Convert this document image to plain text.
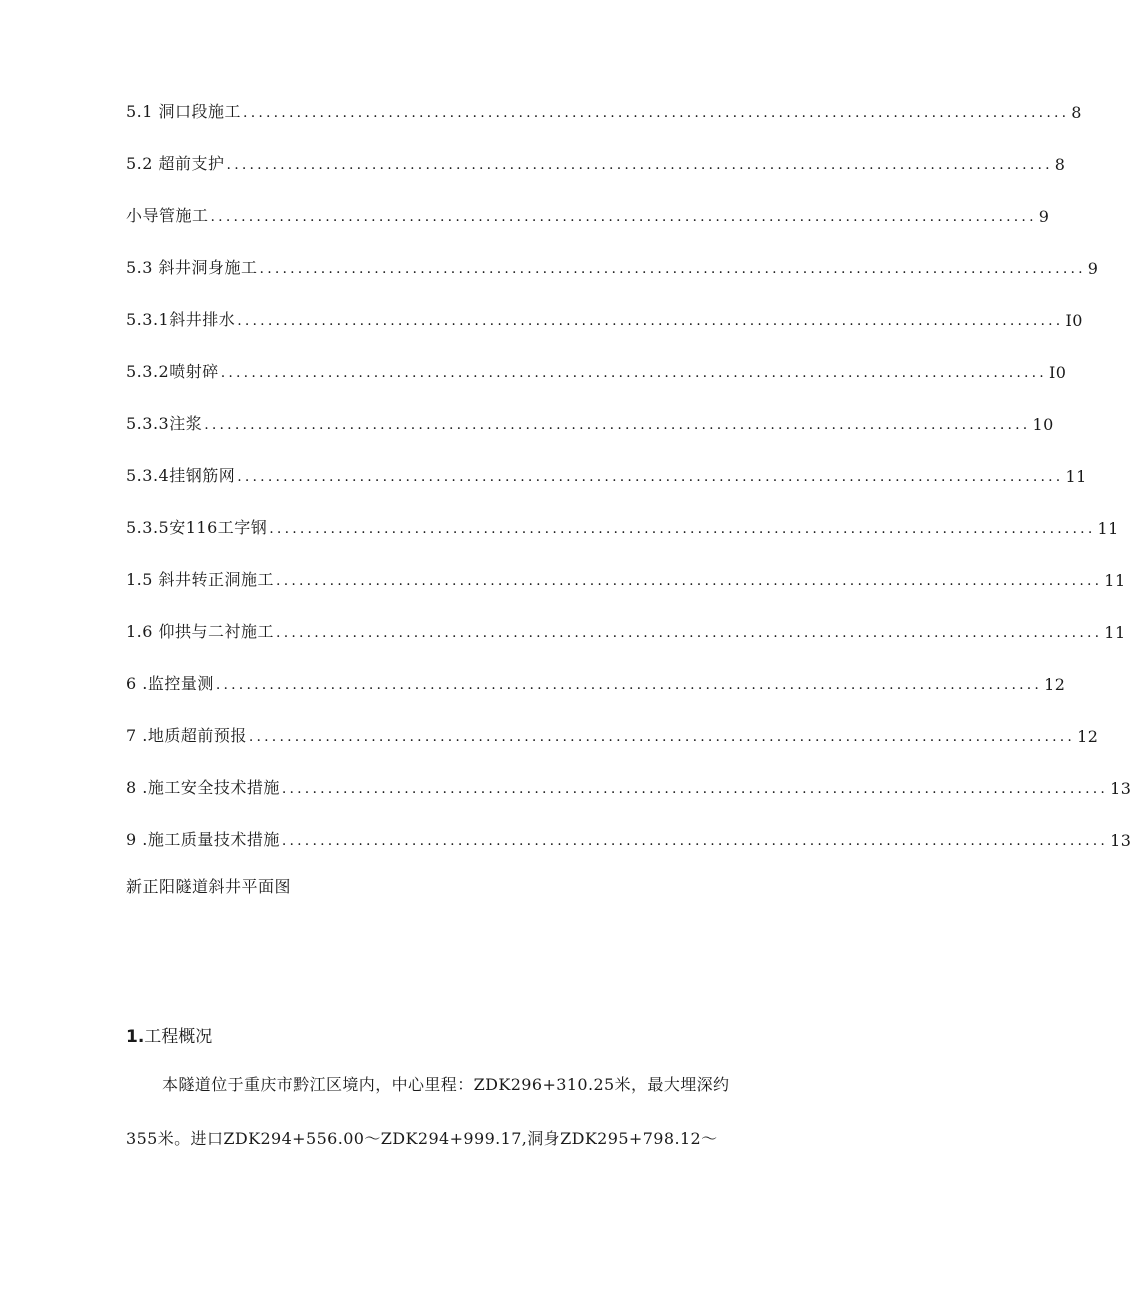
5.1 洞口段施工 ............................................................................................................ 8
5.2 超前支护 ............................................................................................................ 8
小导管施工 ............................................................................................................ 9
5.3 斜井洞身施工 ............................................................................................................ 9
5.3.1斜井排水 ............................................................................................................ I0
5.3.2喷射碎 ............................................................................................................ I0
5.3.3注浆 ............................................................................................................ 10
5.3.4挂钢筋网 ............................................................................................................ 11
5.3.5安116工字钢 ............................................................................................................ 11
1.5 斜井转正洞施工 ............................................................................................................ 11
1.6 仰拱与二衬施工 ............................................................................................................ 11
6 .监控量测 ............................................................................................................ 12
7 .地质超前预报 ............................................................................................................ 12
8 .施工安全技术措施 ............................................................................................................ 13
9 .施工质量技术措施 ............................................................................................................ 13
新正阳隧道斜井平面图
1.工程概况
本隧道位于重庆市黔江区境内，中心里程：ZDK296+310.25米，最大埋深约
355米。进口ZDK294+556.00～ZDK294+999.17,洞身ZDK295+798.12～
